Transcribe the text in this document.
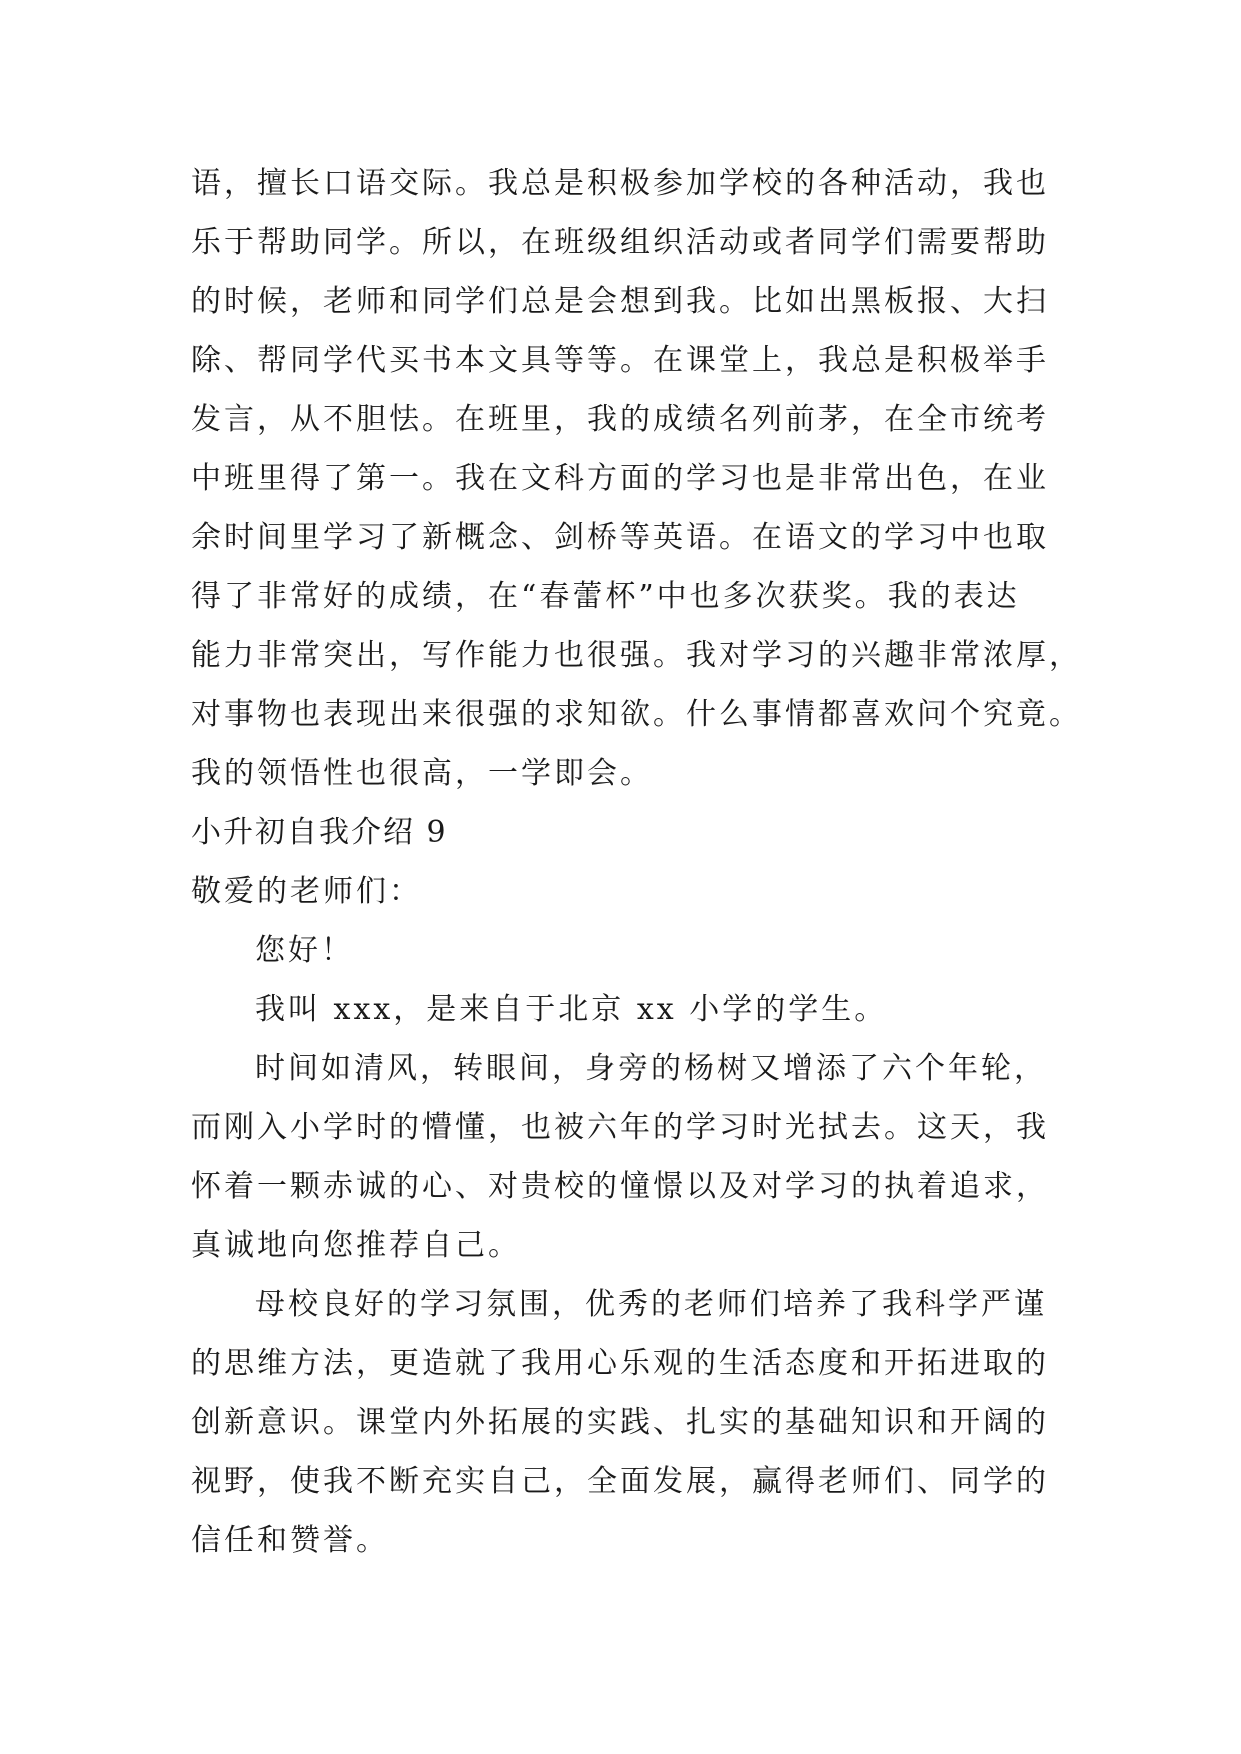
语，擅长口语交际。我总是积极参加学校的各种活动，我也
乐于帮助同学。所以，在班级组织活动或者同学们需要帮助
的时候，老师和同学们总是会想到我。比如出黑板报、大扫
除、帮同学代买书本文具等等。在课堂上，我总是积极举手
发言，从不胆怯。在班里，我的成绩名列前茅，在全市统考
中班里得了第一。我在文科方面的学习也是非常出色，在业
余时间里学习了新概念、剑桥等英语。在语文的学习中也取
得了非常好的成绩，在“春蕾杯”中也多次获奖。我的表达
能力非常突出，写作能力也很强。我对学习的兴趣非常浓厚，
对事物也表现出来很强的求知欲。什么事情都喜欢问个究竟。
我的领悟性也很高，一学即会。
小升初自我介绍 9
敬爱的老师们：
您好！
我叫 xxx，是来自于北京 xx 小学的学生。
时间如清风，转眼间，身旁的杨树又增添了六个年轮，
而刚入小学时的懵懂，也被六年的学习时光拭去。这天，我
怀着一颗赤诚的心、对贵校的憧憬以及对学习的执着追求，
真诚地向您推荐自己。
母校良好的学习氛围，优秀的老师们培养了我科学严谨
的思维方法，更造就了我用心乐观的生活态度和开拓进取的
创新意识。课堂内外拓展的实践、扎实的基础知识和开阔的
视野，使我不断充实自己，全面发展，赢得老师们、同学的
信任和赞誉。
